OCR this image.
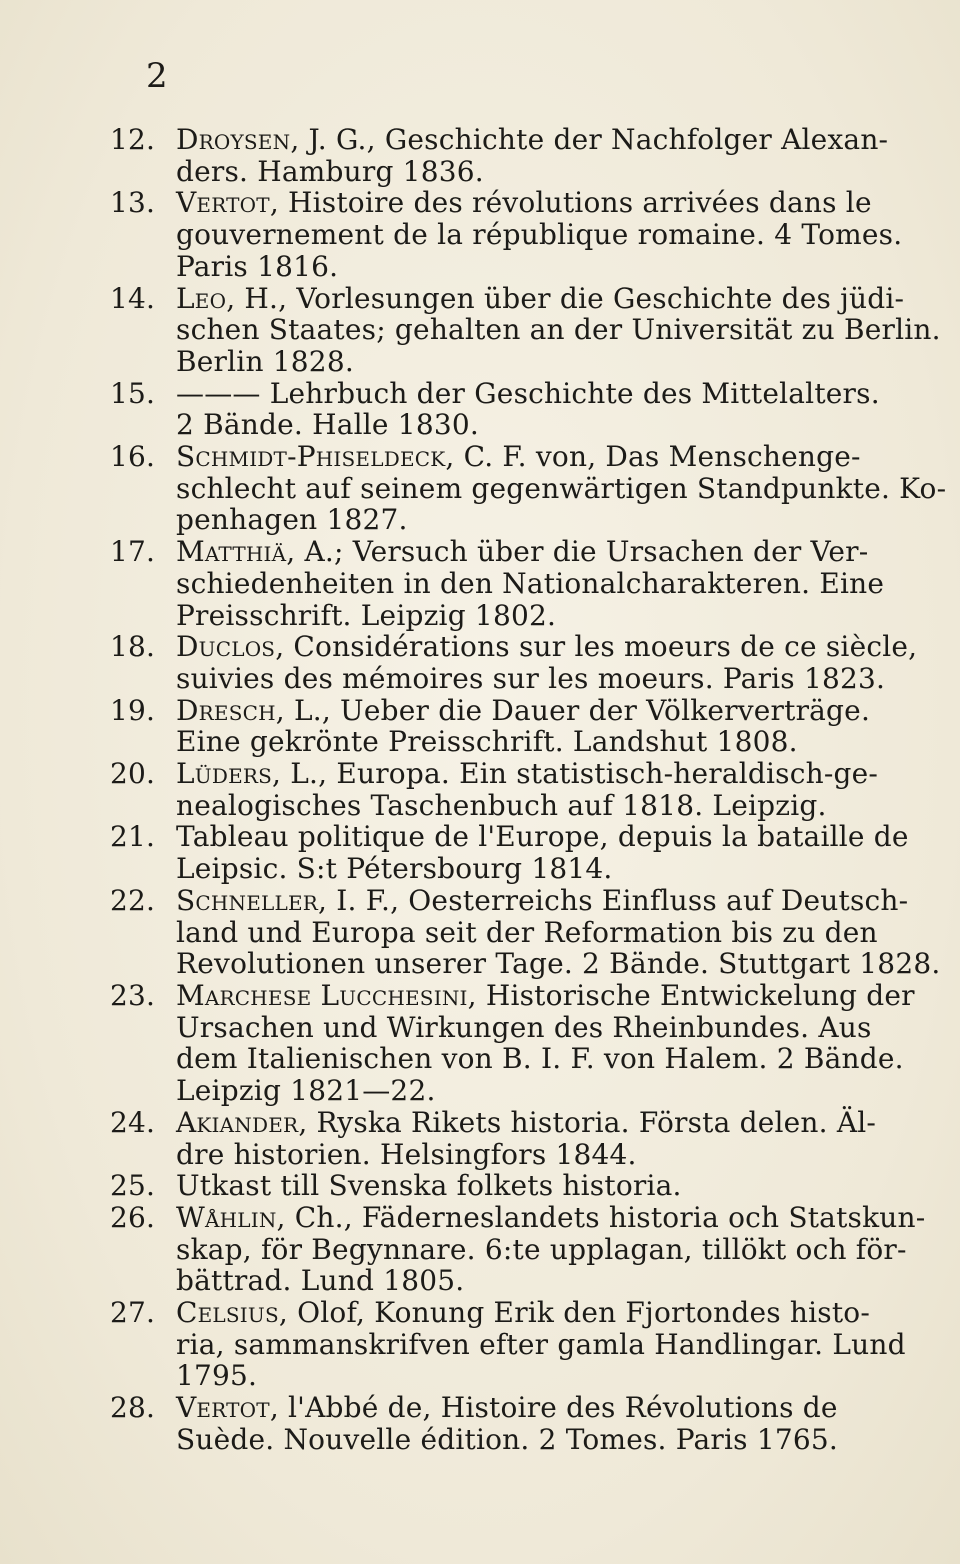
2
12. Droysen, J. G., Geschichte der Nachfolger Alexan-
ders. Hamburg 1836.
13. Vertot, Histoire des révolutions arrivées dans le
gouvernement de la république romaine. 4 Tomes.
Paris 1816.
14. Leo, H., Vorlesungen über die Geschichte des jüdi-
schen Staates; gehalten an der Universität zu Berlin.
Berlin 1828.
15. ——— Lehrbuch der Geschichte des Mittelalters.
2 Bände. Halle 1830.
16. Schmidt-Phiseldeck, C. F. von, Das Menschenge-
schlecht auf seinem gegenwärtigen Standpunkte. Ko-
penhagen 1827.
17. Matthiä, A.; Versuch über die Ursachen der Ver-
schiedenheiten in den Nationalcharakteren. Eine
Preisschrift. Leipzig 1802.
18. Duclos, Considérations sur les moeurs de ce siècle,
suivies des mémoires sur les moeurs. Paris 1823.
19. Dresch, L., Ueber die Dauer der Völkerverträge.
Eine gekrönte Preisschrift. Landshut 1808.
20. Lüders, L., Europa. Ein statistisch-heraldisch-ge-
nealogisches Taschenbuch auf 1818. Leipzig.
21. Tableau politique de l'Europe, depuis la bataille de
Leipsic. S:t Pétersbourg 1814.
22. Schneller, I. F., Oesterreichs Einfluss auf Deutsch-
land und Europa seit der Reformation bis zu den
Revolutionen unserer Tage. 2 Bände. Stuttgart 1828.
23. Marchese Lucchesini, Historische Entwickelung der
Ursachen und Wirkungen des Rheinbundes. Aus
dem Italienischen von B. I. F. von Halem. 2 Bände.
Leipzig 1821—22.
24. Akiander, Ryska Rikets historia. Första delen. Äl-
dre historien. Helsingfors 1844.
25. Utkast till Svenska folkets historia.
26. Wåhlin, Ch., Fäderneslandets historia och Statskun-
skap, för Begynnare. 6:te upplagan, tillökt och för-
bättrad. Lund 1805.
27. Celsius, Olof, Konung Erik den Fjortondes histo-
ria, sammanskrifven efter gamla Handlingar. Lund
1795.
28. Vertot, l'Abbé de, Histoire des Révolutions de
Suède. Nouvelle édition. 2 Tomes. Paris 1765.
